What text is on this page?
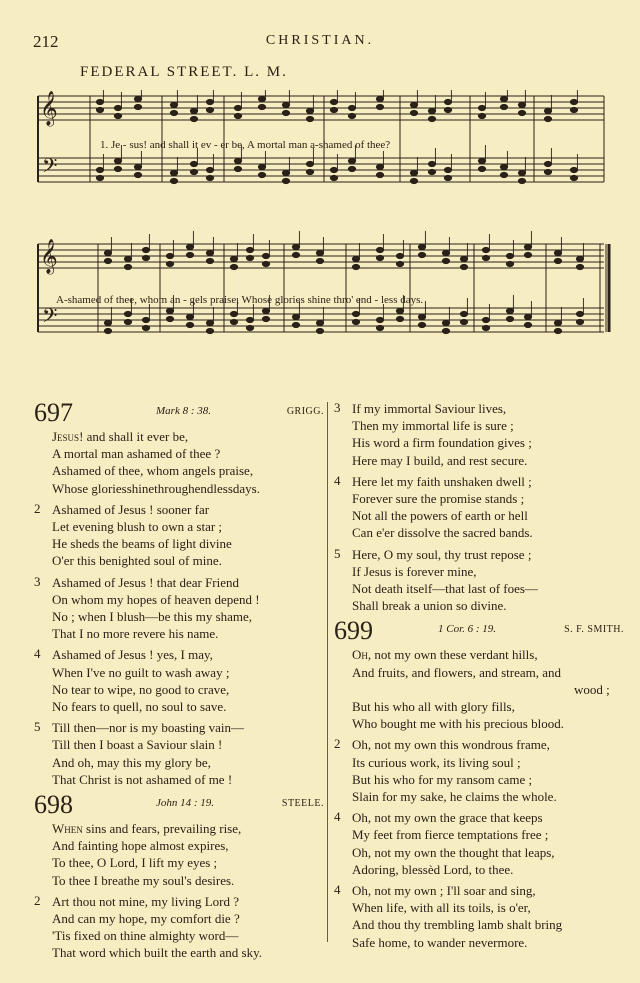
212	CHRISTIAN.
FEDERAL STREET. L. M.
𝄞
𝄞
𝄢
𝄢
1. Je - sus! and shall it ev - er be, A mortal man a-shamed of thee?
A-shamed of thee, whom an - gels praise, Whose glories shine thro' end - less days.
697	Mark 8 : 38.	GRIGG.
Jesus! and shall it ever be,
A mortal man ashamed of thee ?
Ashamed of thee, whom angels praise,
Whose gloriesshinethroughendlessdays.
2 Ashamed of Jesus ! sooner far
Let evening blush to own a star ;
He sheds the beams of light divine
O'er this benighted soul of mine.
3 Ashamed of Jesus ! that dear Friend
On whom my hopes of heaven depend !
No ; when I blush—be this my shame,
That I no more revere his name.
4 Ashamed of Jesus ! yes, I may,
When I've no guilt to wash away ;
No tear to wipe, no good to crave,
No fears to quell, no soul to save.
5 Till then—nor is my boasting vain—
Till then I boast a Saviour slain !
And oh, may this my glory be,
That Christ is not ashamed of me !
698	John 14 : 19.	STEELE.
When sins and fears, prevailing rise,
And fainting hope almost expires,
To thee, O Lord, I lift my eyes ;
To thee I breathe my soul's desires.
2 Art thou not mine, my living Lord ?
And can my hope, my comfort die ?
'Tis fixed on thine almighty word—
That word which built the earth and sky.
3 If my immortal Saviour lives,
Then my immortal life is sure ;
His word a firm foundation gives ;
Here may I build, and rest secure.
4 Here let my faith unshaken dwell ;
Forever sure the promise stands ;
Not all the powers of earth or hell
Can e'er dissolve the sacred bands.
5 Here, O my soul, thy trust repose ;
If Jesus is forever mine,
Not death itself—that last of foes—
Shall break a union so divine.
699	1 Cor. 6 : 19.	S. F. SMITH.
Oh, not my own these verdant hills,
And fruits, and flowers, and stream, and
wood ;
But his who all with glory fills,
Who bought me with his precious blood.
2 Oh, not my own this wondrous frame,
Its curious work, its living soul ;
But his who for my ransom came ;
Slain for my sake, he claims the whole.
4 Oh, not my own the grace that keeps
My feet from fierce temptations free ;
Oh, not my own the thought that leaps,
Adoring, blessèd Lord, to thee.
4 Oh, not my own ; I'll soar and sing,
When life, with all its toils, is o'er,
And thou thy trembling lamb shalt bring
Safe home, to wander nevermore.
